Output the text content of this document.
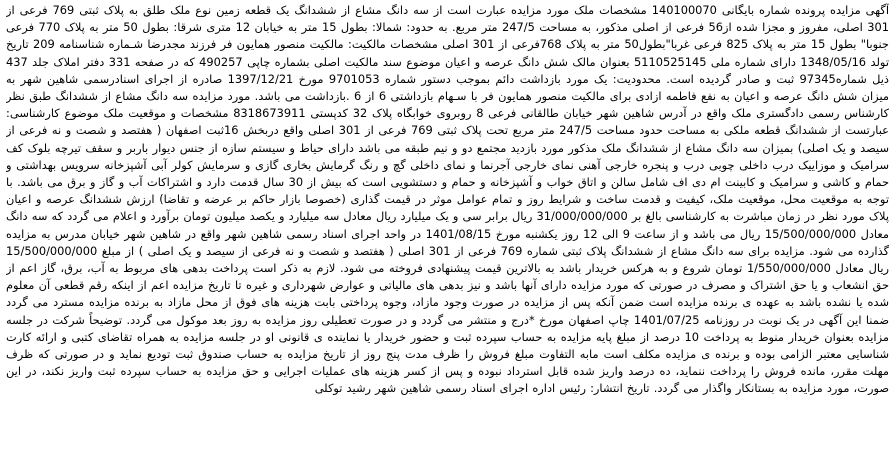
آگهی مزایده پرونده شماره بایگانی 140100070 مشخصات ملک مورد مزایده عبارت است از سه دانگ مشاع از ششدانگ یک قطعه زمین نوع ملک طلق به پلاک ثبتی 769 فرعی از 301 اصلی، مفروز و مجزا شده از56 فرعی از اصلی مذکور، به مساحت 247/5 متر مربع. به حدود: شمالا: بطول 15 متر به خیابان 12 متری شرقا: بطول 50 متر به پلاک 770 فرعی جنوبا" بطول 15 متر به پلاک 825 فرعی غربا"بطول50 متر به پلاک 768فرعی از 301 اصلی مشخصات مالکیت: مالکیت منصور همایون فر فرزند مجدرضا شـماره شناسنامه 209 تاریخ تولد 1348/05/16 دارای شماره ملی 5110525145 بعنوان مالک شش دانگ عرصه و اعیان موضوع سند مالکیت اصلی بشماره چاپی 490257 که در صفحه 331 دفتر املاک جلد 437 ذیل شماره97345 ثبت و صادر گردیده است. محدودیت: یک مورد بازداشت دائم بموجب دستور شماره 9701053 مورخ 1397/12/21 صادره از اجرای اسنادرسمی شاهین شهر به میزان شش دانگ عرصه و اعیان به نفع فاطمه ازادی برای مالکیت منصور همایون فر با سـهام بازداشتی 6 از 6 .بازداشت می باشد. مورد مزایده سه دانگ مشاع از ششدانگ طبق نظر کارشناس رسمی دادگستری ملک واقع در آدرس شاهین شهر خیابان طالقانی فرعی 8 روبروی خوابگاه پلاک 32 کدپستی 8318673911 مشخصات و موقعیت ملک موضوع کارشناسی: عبارتست از ششدانگ قطعه ملکی به مساحت حدود مساحت 247/5 متر مربع تحت پلاک ثبتی 769 فرعی از 301 اصلی واقع دربخش 16ثبت اصفهان ( هفتصد و شصت و نه فرعی از سیصد و یک اصلی) بمیزان سه دانگ مشاع از ششدانگ ملک مذکور مورد بازدید مجتمع دو و نیم طبقه می باشد دارای حیاط و سیستم سازه از جنس دیوار باربر و سقف تیرچه بلوک کف سرامیک و موزاییک درب داخلی چوبی درب و پنجره خارجی آهنی نمای خارجی آجرنما و نمای داخلی گچ و رنگ گرمایش بخاری گازی و سرمایش کولر آبی آشپزخانه سرویس بهداشتی و حمام و کاشی و سرامیک و کابینت ام دی اف شامل سالن و اتاق خواب و آشپزخانه و حمام و دستشویی است که بیش از 30 سال قدمت دارد و اشتراکات آب و گاز و برق می باشد. با توجه به موقعیت محل، موقعیت ملک، کیفیت و قدمت ساخت و شرایط روز و تمام عوامل موثر در قیمت گذاری (خصوصا بازار حاکم بر عرضه و تقاضا) ارزش ششدانگ عرصه و اعیان پلاک مورد نظر در زمان مباشرت به کارشناسی بالغ بر 31/000/000/000 ریال برابر سی و یک میلیارد ریال معادل سه میلیارد و یکصد میلیون تومان برآورد و اعلام می گردد که سه دانگ معادل 15/500/000/000 ریال می باشد و از ساعت 9 الی 12 روز یکشنبه مورخ 1401/08/15 در واحد اجرای اسناد رسمی شاهین شهر واقع در شاهین شهر خیابان مدرس به مزایده گذارده می شود. مزایده برای سه دانگ مشاع از ششدانگ پلاک ثبتی شماره 769 فرعی از 301 اصلی ( هفتصد و شصت و نه فرعی از سیصد و یک اصلی ) از مبلغ 15/500/000/000 ریال معادل 1/550/000/000 تومان شروع و به هرکس خریدار باشد به بالاترین قیمت پیشنهادی فروخته می شود. لازم به ذکر است پرداخت بدهی های مربوط به آب، برق، گاز اعم از حق انشعاب و یا حق اشتراک و مصرف در صورتی که مورد مزایده دارای آنها باشد و نیز بدهی های مالیاتی و عوارض شهرداری و غیره تا تاریخ مزایده اعم از اینکه رقم قطعی آن معلوم شده یا نشده باشد به عهده ی برنده مزایده است ضمن آنکه پس از مزایده در صورت وجود مازاد، وجوه پرداختی بابت هزینه های فوق از محل مازاد به برنده مزایده مسترد می گردد ضمنا این آگهی در یک نوبت در روزنامه 1401/07/25 چاپ اصفهان مورخ *درج و منتشر می گردد و در صورت تعطیلی روز مزایده به روز بعد موکول می گردد. توضیحاً شرکت در جلسه مزایده بعنوان خریدار منوط به پرداخت 10 درصد از مبلغ پایه مزایده به حساب سپرده ثبت و حضور خریدار یا نماینده ی قانونی او در جلسه مزایده به همراه تقاضای کتبی و ارائه کارت شناسایی معتبر الزامی بوده و برنده ی مزایده مکلف است مابه التفاوت مبلغ فروش را ظرف مدت پنج روز از تاریخ مزایده به حساب صندوق ثبت تودیع نماید و در صورتی که ظرف مهلت مقرر، مانده فروش را پرداخت ننماید، ده درصد واریز شده قابل استرداد نبوده و پس از کسر هزینه های عملیات اجرایی و حق مزایده به حساب سپرده ثبت واریز نکند، در این صورت، مورد مزایده به بستانکار واگذار می گردد. تاریخ انتشار: رئیس اداره اجرای اسناد رسمی شاهین شهر رشید توکلی
